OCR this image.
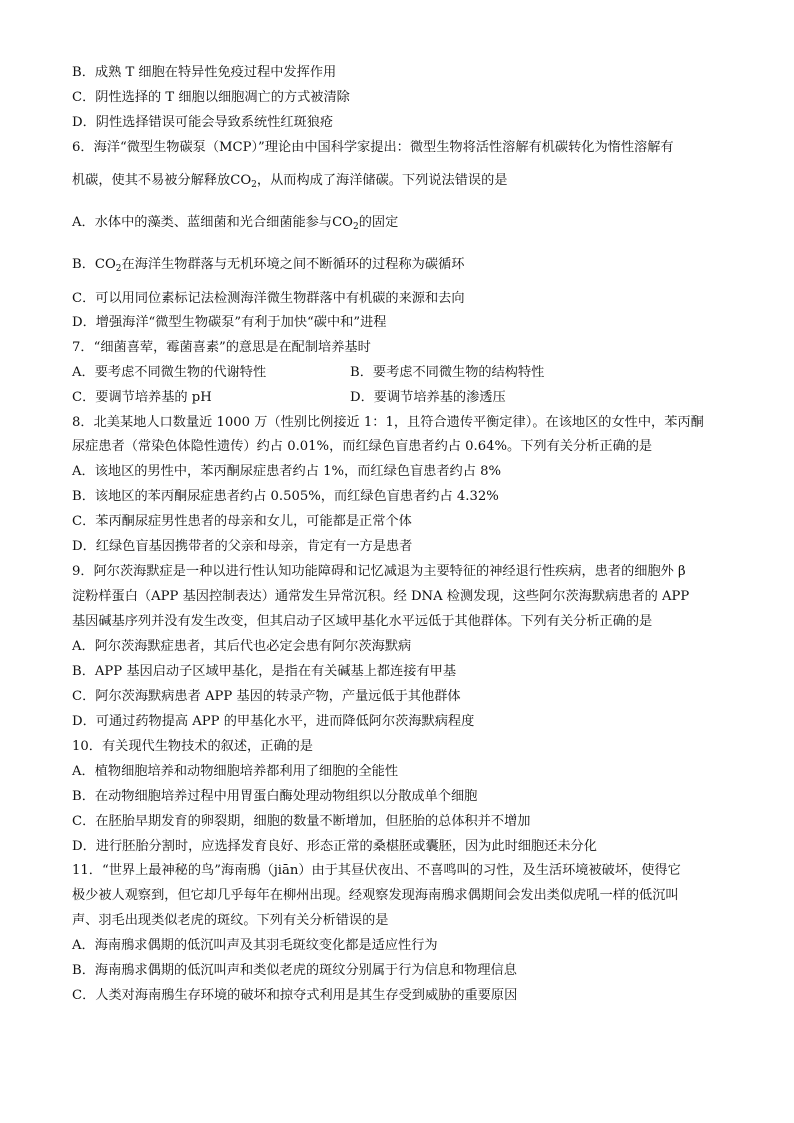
B．成熟 T 细胞在特异性免疫过程中发挥作用
C．阴性选择的 T 细胞以细胞凋亡的方式被清除
D．阴性选择错误可能会导致系统性红斑狼疮
6．海洋“微型生物碳泵（MCP）”理论由中国科学家提出：微型生物将活性溶解有机碳转化为惰性溶解有
机碳，使其不易被分解释放$CO_2$，从而构成了海洋储碳。下列说法错误的是
A．水体中的藻类、蓝细菌和光合细菌能参与$CO_2$的固定
B．$CO_2$在海洋生物群落与无机环境之间不断循环的过程称为碳循环
C．可以用同位素标记法检测海洋微生物群落中有机碳的来源和去向
D．增强海洋“微型生物碳泵”有利于加快“碳中和”进程
7．“细菌喜荤，霉菌喜素”的意思是在配制培养基时
A．要考虑不同微生物的代谢特性	B．要考虑不同微生物的结构特性
C．要调节培养基的 pH	D．要调节培养基的渗透压
8．北美某地人口数量近 1000 万（性别比例接近 1：1，且符合遗传平衡定律）。在该地区的女性中，苯丙酮
尿症患者（常染色体隐性遗传）约占 0.01%，而红绿色盲患者约占 0.64%。下列有关分析正确的是
A．该地区的男性中，苯丙酮尿症患者约占 1%，而红绿色盲患者约占 8%
B．该地区的苯丙酮尿症患者约占 0.505%，而红绿色盲患者约占 4.32%
C．苯丙酮尿症男性患者的母亲和女儿，可能都是正常个体
D．红绿色盲基因携带者的父亲和母亲，肯定有一方是患者
9．阿尔茨海默症是一种以进行性认知功能障碍和记忆减退为主要特征的神经退行性疾病，患者的细胞外 β
淀粉样蛋白（APP 基因控制表达）通常发生异常沉积。经 DNA 检测发现，这些阿尔茨海默病患者的 APP
基因碱基序列并没有发生改变，但其启动子区域甲基化水平远低于其他群体。下列有关分析正确的是
A．阿尔茨海默症患者，其后代也必定会患有阿尔茨海默病
B．APP 基因启动子区域甲基化，是指在有关碱基上都连接有甲基
C．阿尔茨海默病患者 APP 基因的转录产物，产量远低于其他群体
D．可通过药物提高 APP 的甲基化水平，进而降低阿尔茨海默病程度
10．有关现代生物技术的叙述，正确的是
A．植物细胞培养和动物细胞培养都利用了细胞的全能性
B．在动物细胞培养过程中用胃蛋白酶处理动物组织以分散成单个细胞
C．在胚胎早期发育的卵裂期，细胞的数量不断增加，但胚胎的总体积并不增加
D．进行胚胎分割时，应选择发育良好、形态正常的桑椹胚或囊胚，因为此时细胞还未分化
11．“世界上最神秘的鸟”海南鳽（jiān）由于其昼伏夜出、不喜鸣叫的习性，及生活环境被破坏，使得它
极少被人观察到，但它却几乎每年在柳州出现。经观察发现海南鳽求偶期间会发出类似虎吼一样的低沉叫
声、羽毛出现类似老虎的斑纹。下列有关分析错误的是
A．海南鳽求偶期的低沉叫声及其羽毛斑纹变化都是适应性行为
B．海南鳽求偶期的低沉叫声和类似老虎的斑纹分别属于行为信息和物理信息
C．人类对海南鳽生存环境的破坏和掠夺式利用是其生存受到威胁的重要原因
